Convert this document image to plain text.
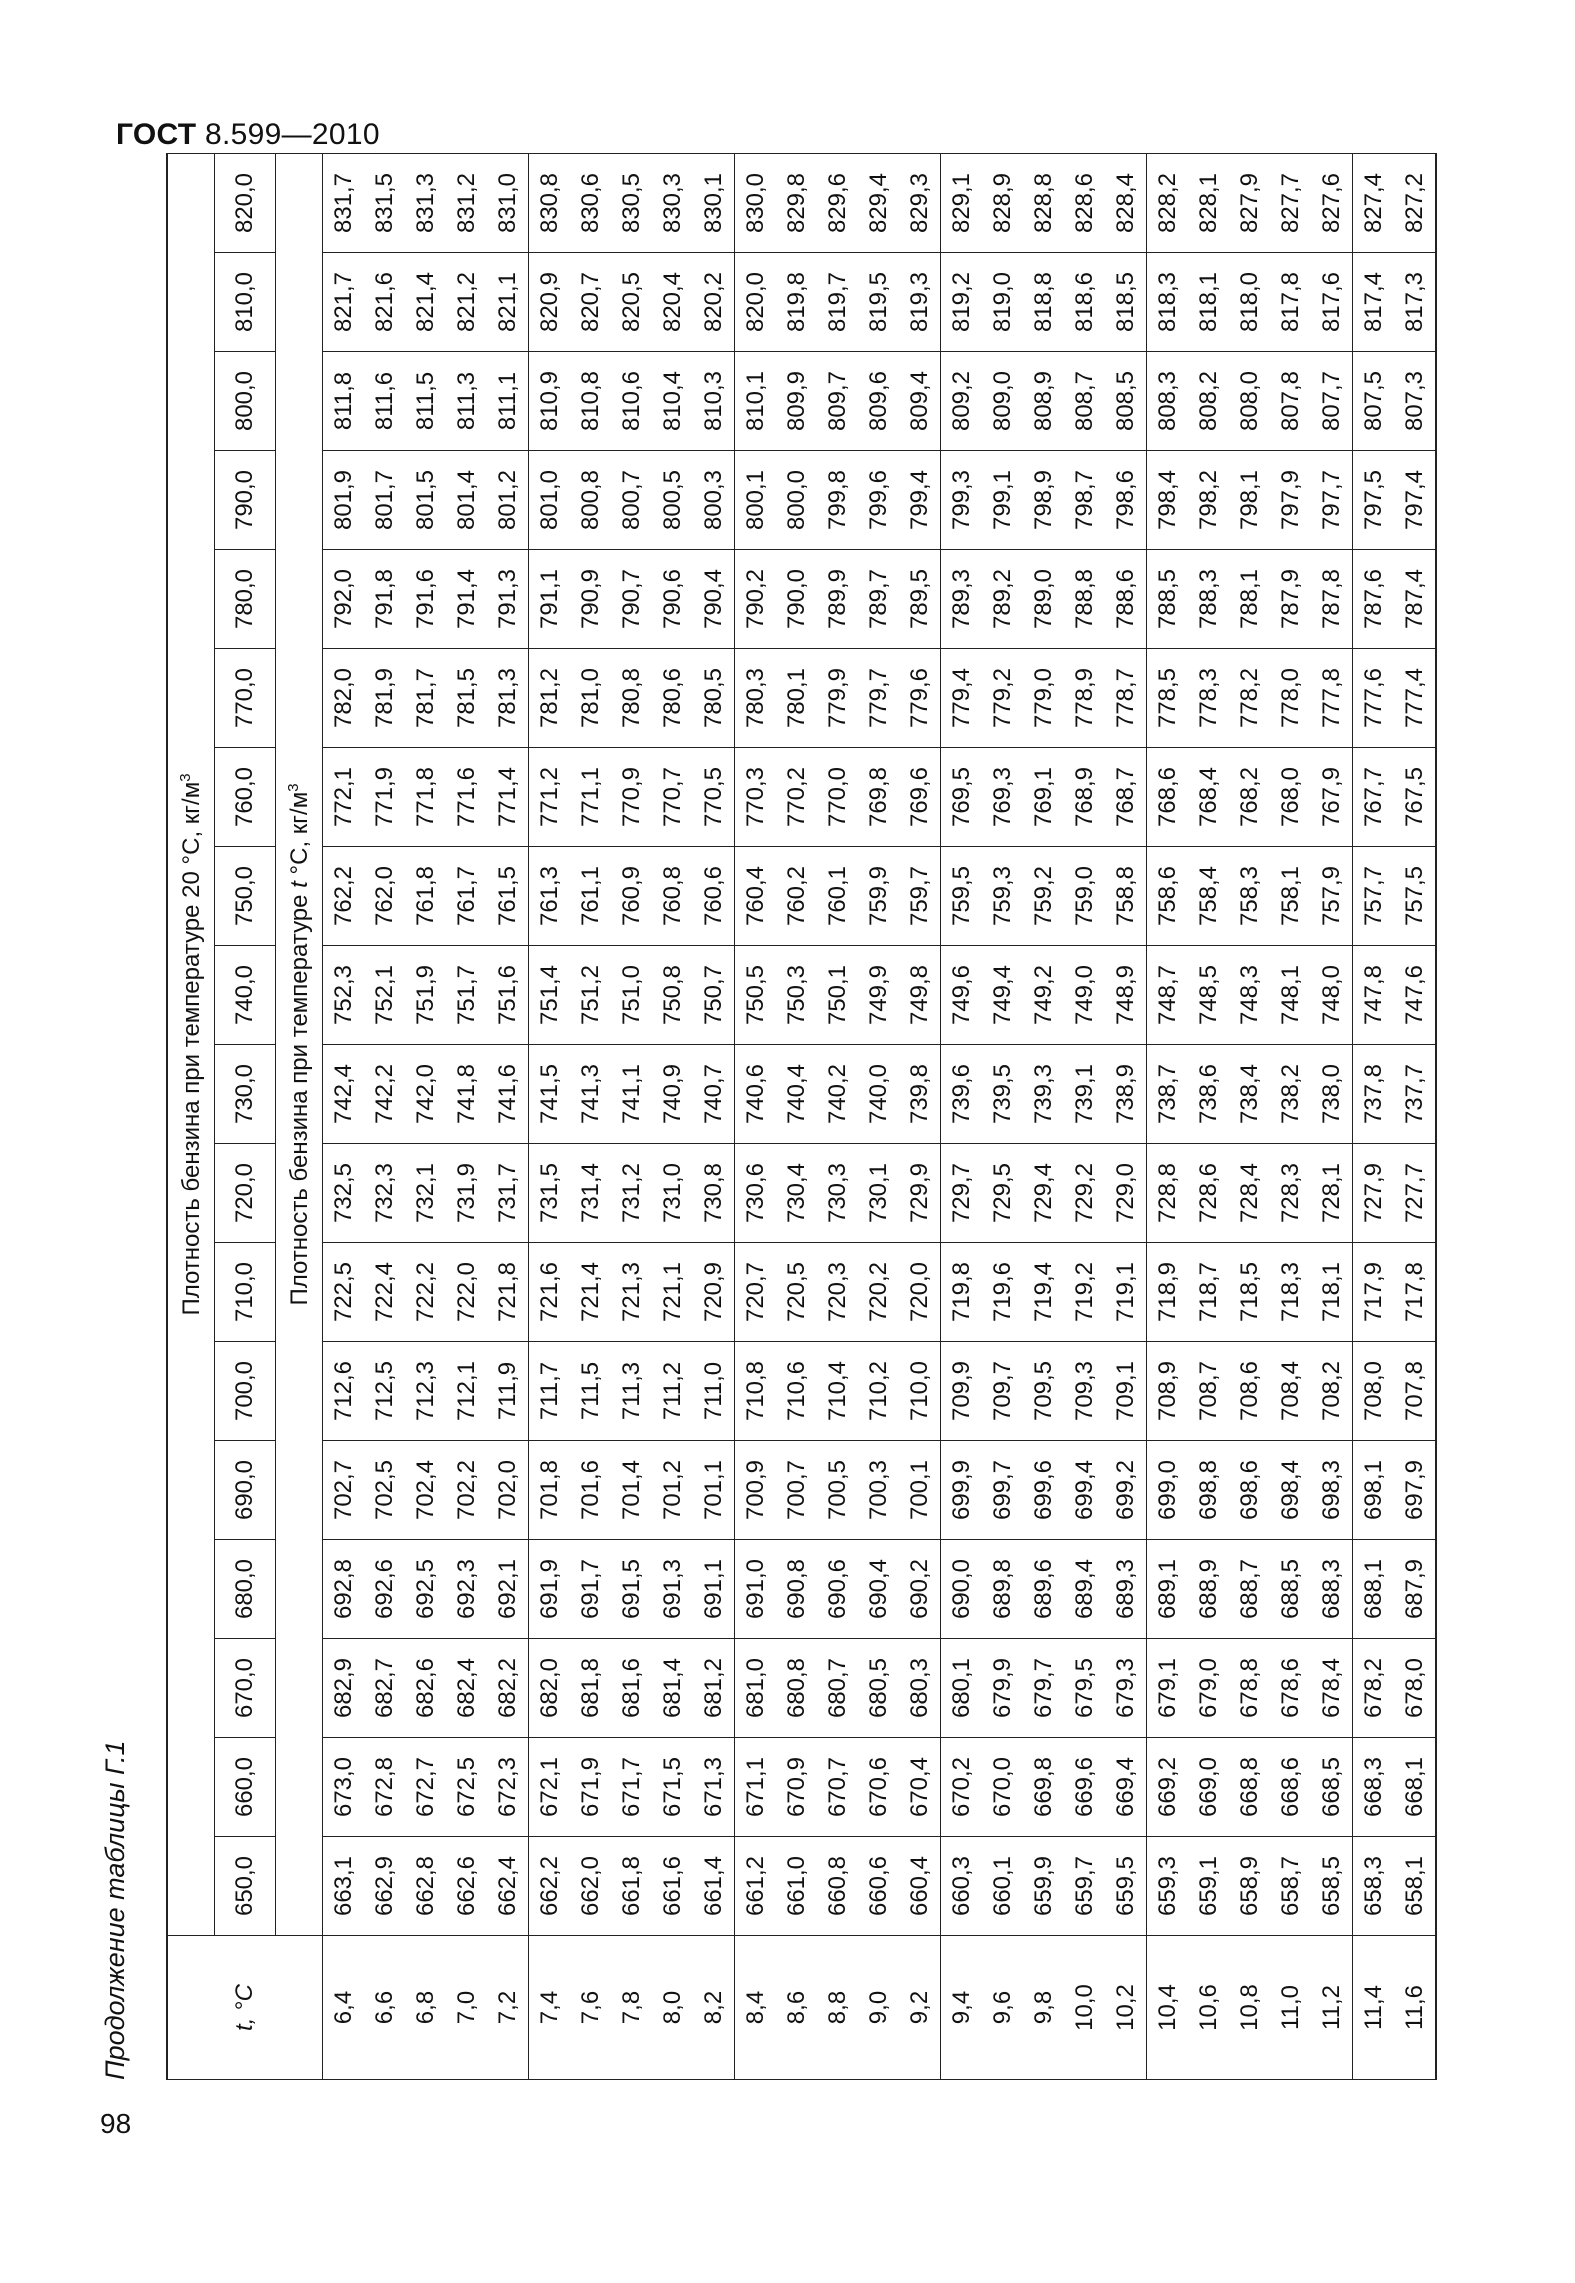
ГОСТ 8.599—2010
98
Продолжение таблицы Г.1	t, °C	Плотность бензина при температуре 20 °С, $кг/м^3$
	650,0	660,0	670,0	680,0	690,0	700,0	710,0	720,0	730,0	740,0	750,0	760,0	770,0	780,0	790,0	800,0	810,0	820,0
	Плотность бензина при температуре t °С, $кг/м^3$
6,4	663,1	673,0	682,9	692,8	702,7	712,6	722,5	732,5	742,4	752,3	762,2	772,1	782,0	792,0	801,9	811,8	821,7	831,7
6,6	662,9	672,8	682,7	692,6	702,5	712,5	722,4	732,3	742,2	752,1	762,0	771,9	781,9	791,8	801,7	811,6	821,6	831,5
6,8	662,8	672,7	682,6	692,5	702,4	712,3	722,2	732,1	742,0	751,9	761,8	771,8	781,7	791,6	801,5	811,5	821,4	831,3
7,0	662,6	672,5	682,4	692,3	702,2	712,1	722,0	731,9	741,8	751,7	761,7	771,6	781,5	791,4	801,4	811,3	821,2	831,2
7,2	662,4	672,3	682,2	692,1	702,0	711,9	721,8	731,7	741,6	751,6	761,5	771,4	781,3	791,3	801,2	811,1	821,1	831,0
7,4	662,2	672,1	682,0	691,9	701,8	711,7	721,6	731,5	741,5	751,4	761,3	771,2	781,2	791,1	801,0	810,9	820,9	830,8
7,6	662,0	671,9	681,8	691,7	701,6	711,5	721,4	731,4	741,3	751,2	761,1	771,1	781,0	790,9	800,8	810,8	820,7	830,6
7,8	661,8	671,7	681,6	691,5	701,4	711,3	721,3	731,2	741,1	751,0	760,9	770,9	780,8	790,7	800,7	810,6	820,5	830,5
8,0	661,6	671,5	681,4	691,3	701,2	711,2	721,1	731,0	740,9	750,8	760,8	770,7	780,6	790,6	800,5	810,4	820,4	830,3
8,2	661,4	671,3	681,2	691,1	701,1	711,0	720,9	730,8	740,7	750,7	760,6	770,5	780,5	790,4	800,3	810,3	820,2	830,1
8,4	661,2	671,1	681,0	691,0	700,9	710,8	720,7	730,6	740,6	750,5	760,4	770,3	780,3	790,2	800,1	810,1	820,0	830,0
8,6	661,0	670,9	680,8	690,8	700,7	710,6	720,5	730,4	740,4	750,3	760,2	770,2	780,1	790,0	800,0	809,9	819,8	829,8
8,8	660,8	670,7	680,7	690,6	700,5	710,4	720,3	730,3	740,2	750,1	760,1	770,0	779,9	789,9	799,8	809,7	819,7	829,6
9,0	660,6	670,6	680,5	690,4	700,3	710,2	720,2	730,1	740,0	749,9	759,9	769,8	779,7	789,7	799,6	809,6	819,5	829,4
9,2	660,4	670,4	680,3	690,2	700,1	710,0	720,0	729,9	739,8	749,8	759,7	769,6	779,6	789,5	799,4	809,4	819,3	829,3
9,4	660,3	670,2	680,1	690,0	699,9	709,9	719,8	729,7	739,6	749,6	759,5	769,5	779,4	789,3	799,3	809,2	819,2	829,1
9,6	660,1	670,0	679,9	689,8	699,7	709,7	719,6	729,5	739,5	749,4	759,3	769,3	779,2	789,2	799,1	809,0	819,0	828,9
9,8	659,9	669,8	679,7	689,6	699,6	709,5	719,4	729,4	739,3	749,2	759,2	769,1	779,0	789,0	798,9	808,9	818,8	828,8
10,0	659,7	669,6	679,5	689,4	699,4	709,3	719,2	729,2	739,1	749,0	759,0	768,9	778,9	788,8	798,7	808,7	818,6	828,6
10,2	659,5	669,4	679,3	689,3	699,2	709,1	719,1	729,0	738,9	748,9	758,8	768,7	778,7	788,6	798,6	808,5	818,5	828,4
10,4	659,3	669,2	679,1	689,1	699,0	708,9	718,9	728,8	738,7	748,7	758,6	768,6	778,5	788,5	798,4	808,3	818,3	828,2
10,6	659,1	669,0	679,0	688,9	698,8	708,7	718,7	728,6	738,6	748,5	758,4	768,4	778,3	788,3	798,2	808,2	818,1	828,1
10,8	658,9	668,8	678,8	688,7	698,6	708,6	718,5	728,4	738,4	748,3	758,3	768,2	778,2	788,1	798,1	808,0	818,0	827,9
11,0	658,7	668,6	678,6	688,5	698,4	708,4	718,3	728,3	738,2	748,1	758,1	768,0	778,0	787,9	797,9	807,8	817,8	827,7
11,2	658,5	668,5	678,4	688,3	698,3	708,2	718,1	728,1	738,0	748,0	757,9	767,9	777,8	787,8	797,7	807,7	817,6	827,6
11,4	658,3	668,3	678,2	688,1	698,1	708,0	717,9	727,9	737,8	747,8	757,7	767,7	777,6	787,6	797,5	807,5	817,4	827,4
11,6	658,1	668,1	678,0	687,9	697,9	707,8	717,8	727,7	737,7	747,6	757,5	767,5	777,4	787,4	797,4	807,3	817,3	827,2
